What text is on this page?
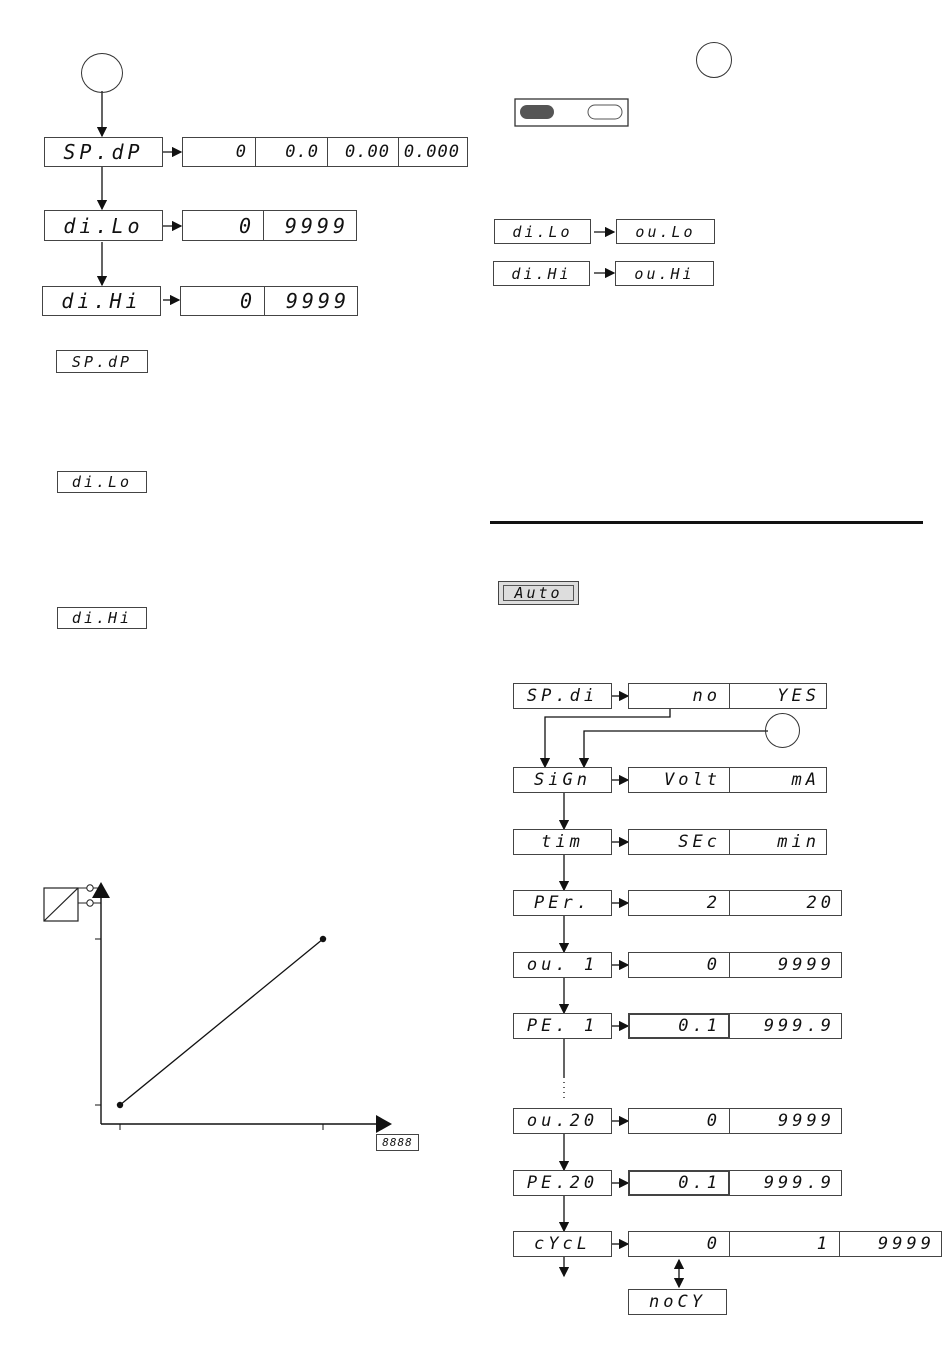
SP.dP	0	0.0	0.00 0.000
di.Lo	0	9999
di.Hi	0	9999
SP.dP
di.Lo
di.Hi
8888
di.Lo	ou.Lo
di.Hi	ou.Hi
Auto
SP.di	no	YES
SiGn	Volt	mA
tim	SEc	min
PEr.	2	20
ou. 1	0	9999
PE. 1	0.1	999.9
ou.20	0	9999
PE.20	0.1	999.9
cYcL	0	1	9999
noCY
